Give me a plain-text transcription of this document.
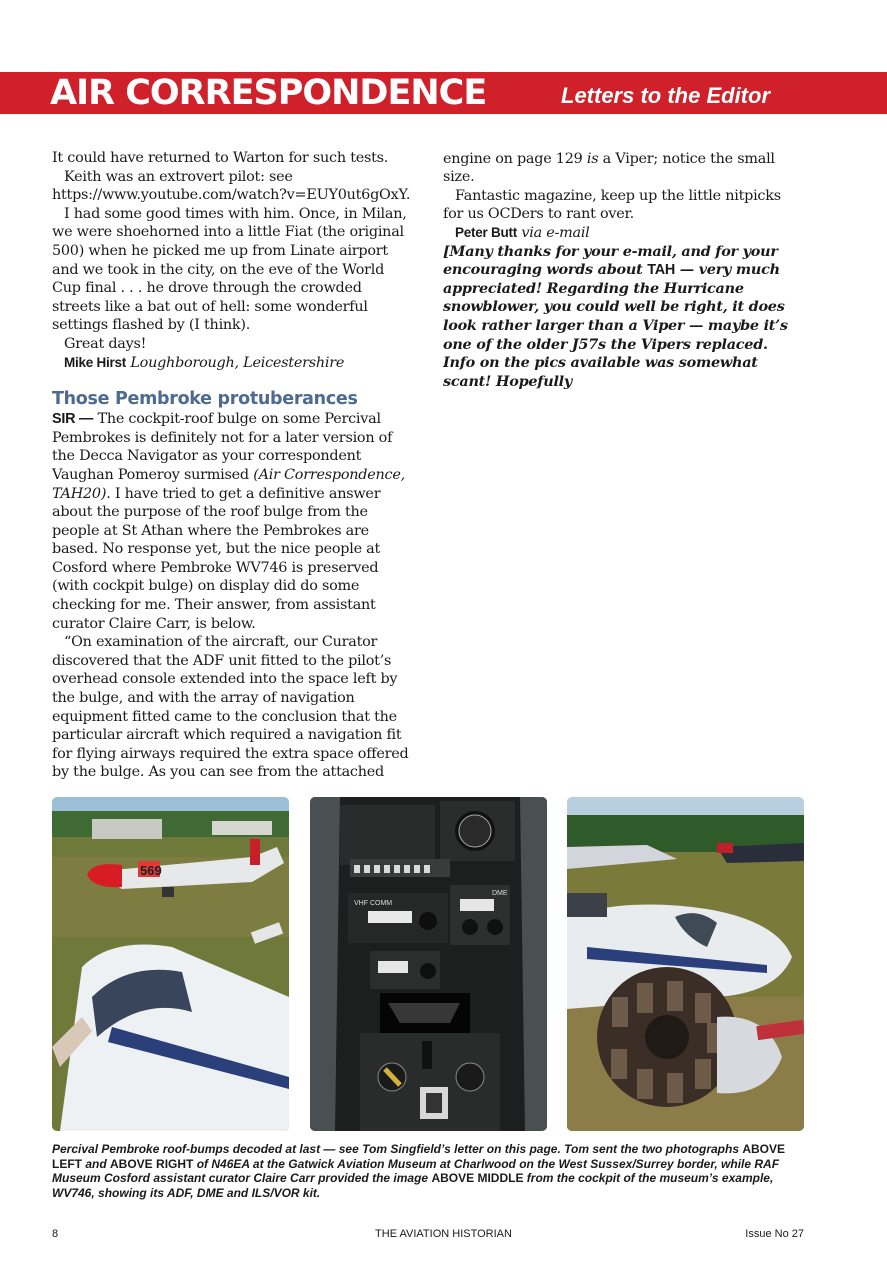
AIR CORRESPONDENCE	Letters to the Editor

It could have returned to Warton for such tests.

Keith was an extrovert pilot: see https://www.youtube.com/watch?v=EUY0ut6gOxY.

I had some good times with him. Once, in Milan, we were shoehorned into a little Fiat (the original 500) when he picked me up from Linate airport and we took in the city, on the eve of the World Cup final . . . he drove through the crowded streets like a bat out of hell: some wonderful settings flashed by (I think).

Great days!

Mike Hirst Loughborough, Leicestershire

Those Pembroke protuberances

SIR — The cockpit-roof bulge on some Percival Pembrokes is definitely not for a later version of the Decca Navigator as your correspondent Vaughan Pomeroy surmised (Air Correspondence, TAH20). I have tried to get a definitive answer about the purpose of the roof bulge from the people at St Athan where the Pembrokes are based. No response yet, but the nice people at Cosford where Pembroke WV746 is preserved (with cockpit bulge) on display did do some checking for me. Their answer, from assistant curator Claire Carr, is below.

“On examination of the aircraft, our Curator discovered that the ADF unit fitted to the pilot’s overhead console extended into the space left by the bulge, and with the array of navigation equipment fitted came to the conclusion that the particular aircraft which required a navigation fit for flying airways required the extra space offered by the bulge. As you can see from the attached

engine on page 129 is a Viper; notice the small size.

Fantastic magazine, keep up the little nitpicks for us OCDers to rant over.

Peter Butt via e-mail

[Many thanks for your e-mail, and for your encouraging words about TAH — very much appreciated! Regarding the Hurricane snowblower, you could well be right, it does look rather larger than a Viper — maybe it’s one of the older J57s the Vipers replaced. Info on the pics available was somewhat scant! Hopefully

569
VHF COMM
DME
Percival Pembroke roof-bumps decoded at last — see Tom Singfield’s letter on this page. Tom sent the two photographs ABOVE LEFT and ABOVE RIGHT of N46EA at the Gatwick Aviation Museum at Charlwood on the West Sussex/Surrey border, while RAF Museum Cosford assistant curator Claire Carr provided the image ABOVE MIDDLE from the cockpit of the museum’s example, WV746, showing its ADF, DME and ILS/VOR kit.
THE AVIATION HISTORIAN
8	Issue No 27
